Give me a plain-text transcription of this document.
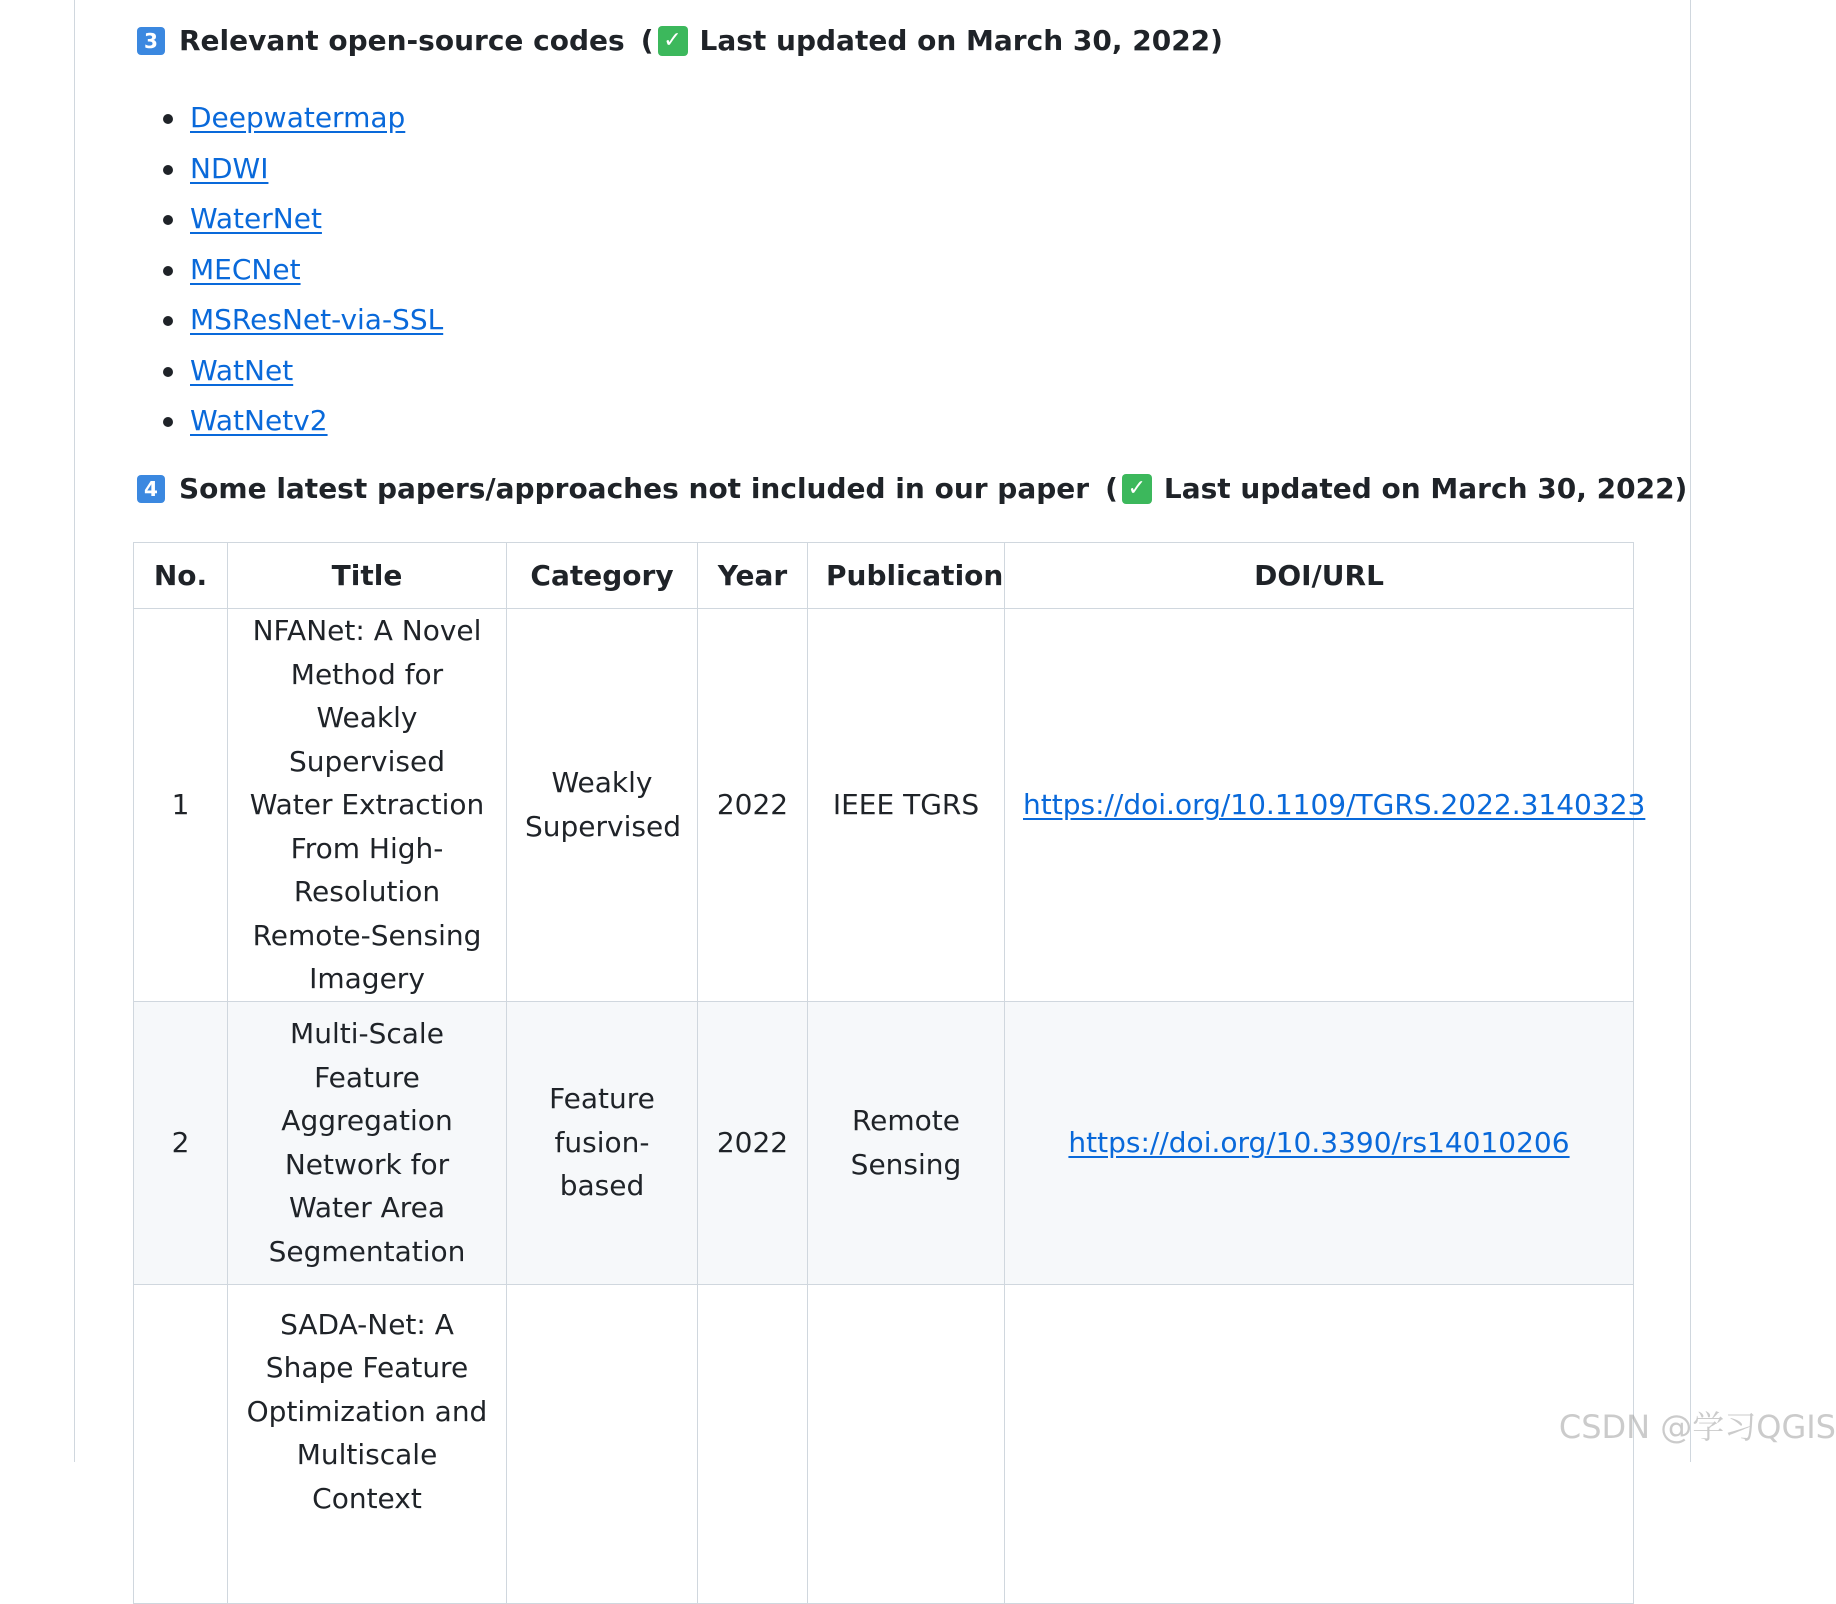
3 Relevant open-source codes ( ✓ Last updated on March 30, 2022)
Deepwatermap
NDWI
WaterNet
MECNet
MSResNet-via-SSL
WatNet
WatNetv2
4 Some latest papers/approaches not included in our paper ( ✓ Last updated on March 30, 2022)
No.	Title	Category	Year	Publication	DOI/URL
1	NFANet: A Novel Method for Weakly Supervised Water Extraction From High-Resolution Remote-Sensing Imagery	Weakly Supervised	2022	IEEE TGRS	https://doi.org/10.1109/TGRS.2022.3140323
2	Multi-Scale Feature Aggregation Network for Water Area Segmentation	Feature fusion-based	2022	Remote Sensing	https://doi.org/10.3390/rs14010206
	SADA-Net: A Shape Feature Optimization and Multiscale Context				
CSDN @学习QGIS
